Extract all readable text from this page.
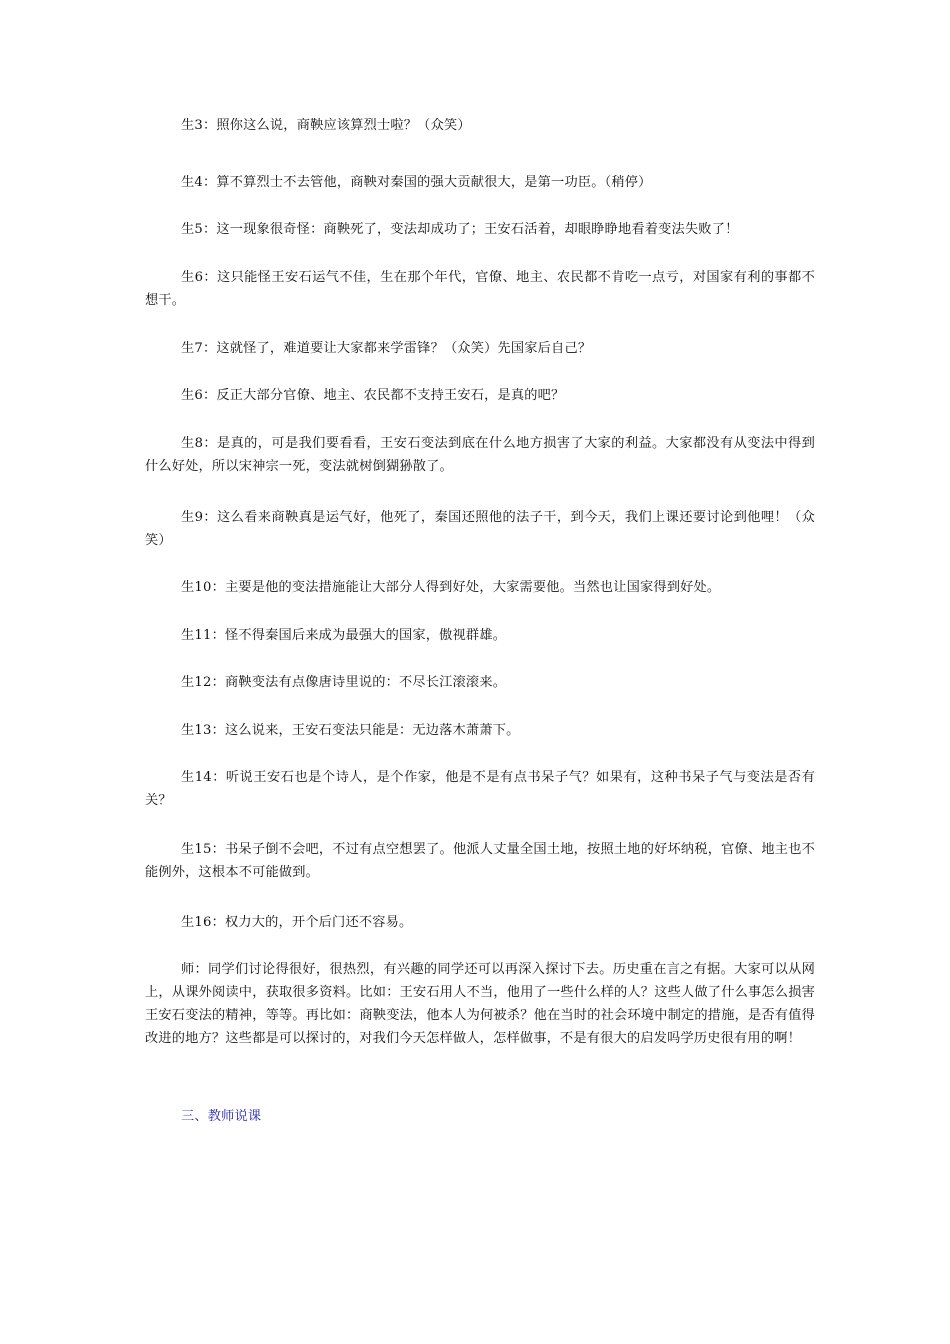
生3：照你这么说，商鞅应该算烈士啦？（众笑）

生4：算不算烈士不去管他，商鞅对秦国的强大贡献很大，是第一功臣。（稍停）

生5：这一现象很奇怪：商鞅死了，变法却成功了；王安石活着，却眼睁睁地看着变法失败了！

生6：这只能怪王安石运气不佳，生在那个年代，官僚、地主、农民都不肯吃一点亏，对国家有利的事都不想干。

生7：这就怪了，难道要让大家都来学雷锋？（众笑）先国家后自己？

生6：反正大部分官僚、地主、农民都不支持王安石，是真的吧？

生8：是真的，可是我们要看看，王安石变法到底在什么地方损害了大家的利益。大家都没有从变法中得到什么好处，所以宋神宗一死，变法就树倒猢狲散了。

生9：这么看来商鞅真是运气好，他死了，秦国还照他的法子干，到今天，我们上课还要讨论到他哩！（众笑）

生10：主要是他的变法措施能让大部分人得到好处，大家需要他。当然也让国家得到好处。

生11：怪不得秦国后来成为最强大的国家，傲视群雄。

生12：商鞅变法有点像唐诗里说的：不尽长江滚滚来。

生13：这么说来，王安石变法只能是：无边落木萧萧下。

生14：听说王安石也是个诗人，是个作家，他是不是有点书呆子气？如果有，这种书呆子气与变法是否有关？

生15：书呆子倒不会吧，不过有点空想罢了。他派人丈量全国土地，按照土地的好坏纳税，官僚、地主也不能例外，这根本不可能做到。

生16：权力大的，开个后门还不容易。

师：同学们讨论得很好，很热烈，有兴趣的同学还可以再深入探讨下去。历史重在言之有据。大家可以从网上，从课外阅读中，获取很多资料。比如：王安石用人不当，他用了一些什么样的人？这些人做了什么事怎么损害王安石变法的精神，等等。再比如：商鞅变法，他本人为何被杀？他在当时的社会环境中制定的措施，是否有值得改进的地方？这些都是可以探讨的，对我们今天怎样做人，怎样做事，不是有很大的启发吗学历史很有用的啊！

三、教师说课
